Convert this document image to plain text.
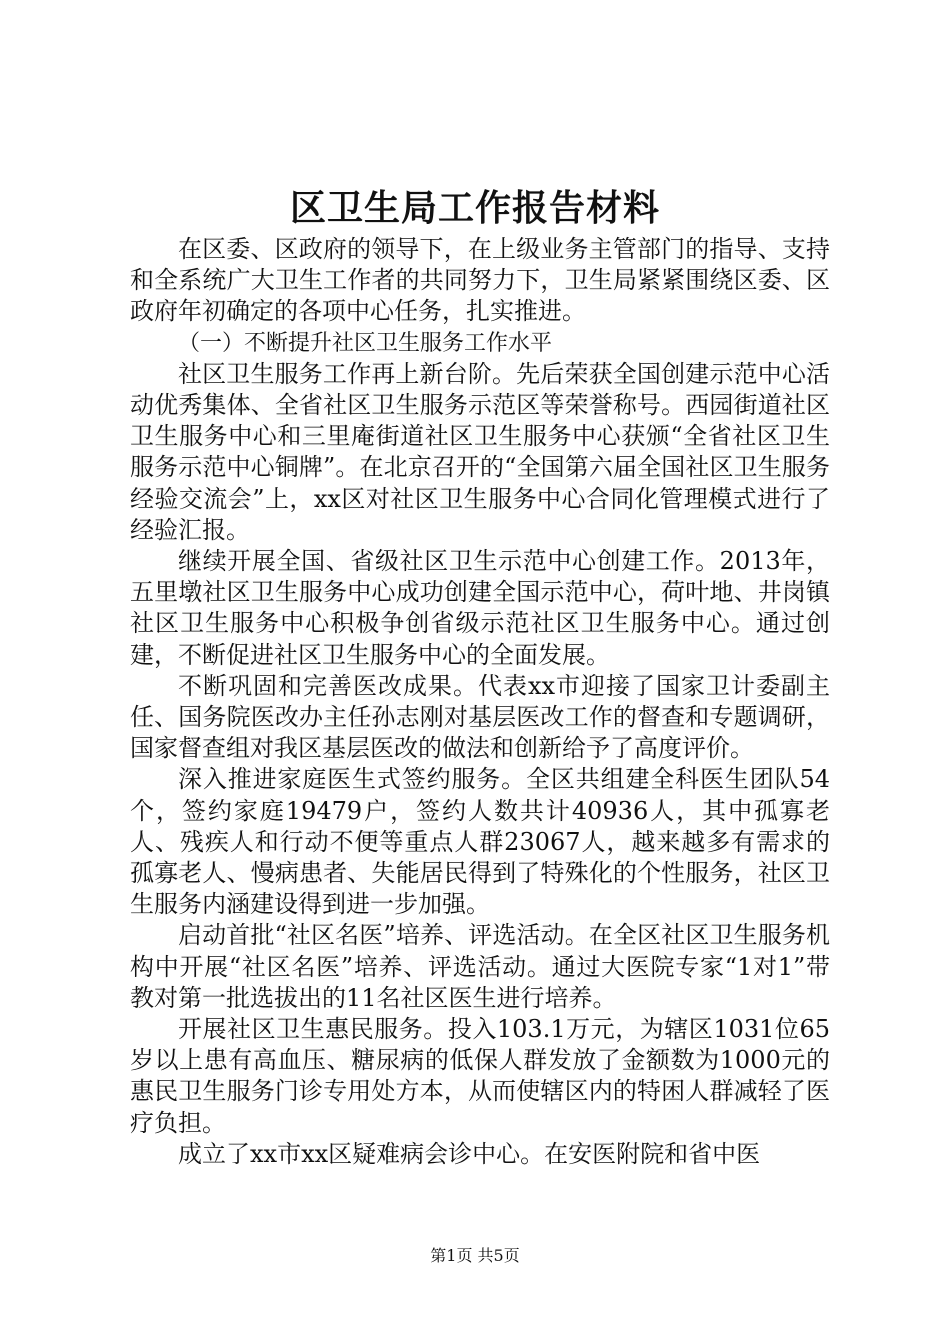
区卫生局工作报告材料

在区委、区政府的领导下，在上级业务主管部门的指导、支持和全系统广大卫生工作者的共同努力下，卫生局紧紧围绕区委、区政府年初确定的各项中心任务，扎实推进。

（一）不断提升社区卫生服务工作水平

社区卫生服务工作再上新台阶。先后荣获全国创建示范中心活动优秀集体、全省社区卫生服务示范区等荣誉称号。西园街道社区卫生服务中心和三里庵街道社区卫生服务中心获颁“全省社区卫生服务示范中心铜牌”。在北京召开的“全国第六届全国社区卫生服务经验交流会”上，xx区对社区卫生服务中心合同化管理模式进行了经验汇报。

继续开展全国、省级社区卫生示范中心创建工作。2013年，五里墩社区卫生服务中心成功创建全国示范中心，荷叶地、井岗镇社区卫生服务中心积极争创省级示范社区卫生服务中心。通过创建，不断促进社区卫生服务中心的全面发展。

不断巩固和完善医改成果。代表xx市迎接了国家卫计委副主任、国务院医改办主任孙志刚对基层医改工作的督查和专题调研，国家督查组对我区基层医改的做法和创新给予了高度评价。

深入推进家庭医生式签约服务。全区共组建全科医生团队54个，签约家庭19479户，签约人数共计40936人，其中孤寡老人、残疾人和行动不便等重点人群23067人，越来越多有需求的孤寡老人、慢病患者、失能居民得到了特殊化的个性服务，社区卫生服务内涵建设得到进一步加强。

启动首批“社区名医”培养、评选活动。在全区社区卫生服务机构中开展“社区名医”培养、评选活动。通过大医院专家“1对1”带教对第一批选拔出的11名社区医生进行培养。

开展社区卫生惠民服务。投入103.1万元，为辖区1031位65岁以上患有高血压、糖尿病的低保人群发放了金额数为1000元的惠民卫生服务门诊专用处方本，从而使辖区内的特困人群减轻了医疗负担。

成立了xx市xx区疑难病会诊中心。在安医附院和省中医

第1页 共5页
